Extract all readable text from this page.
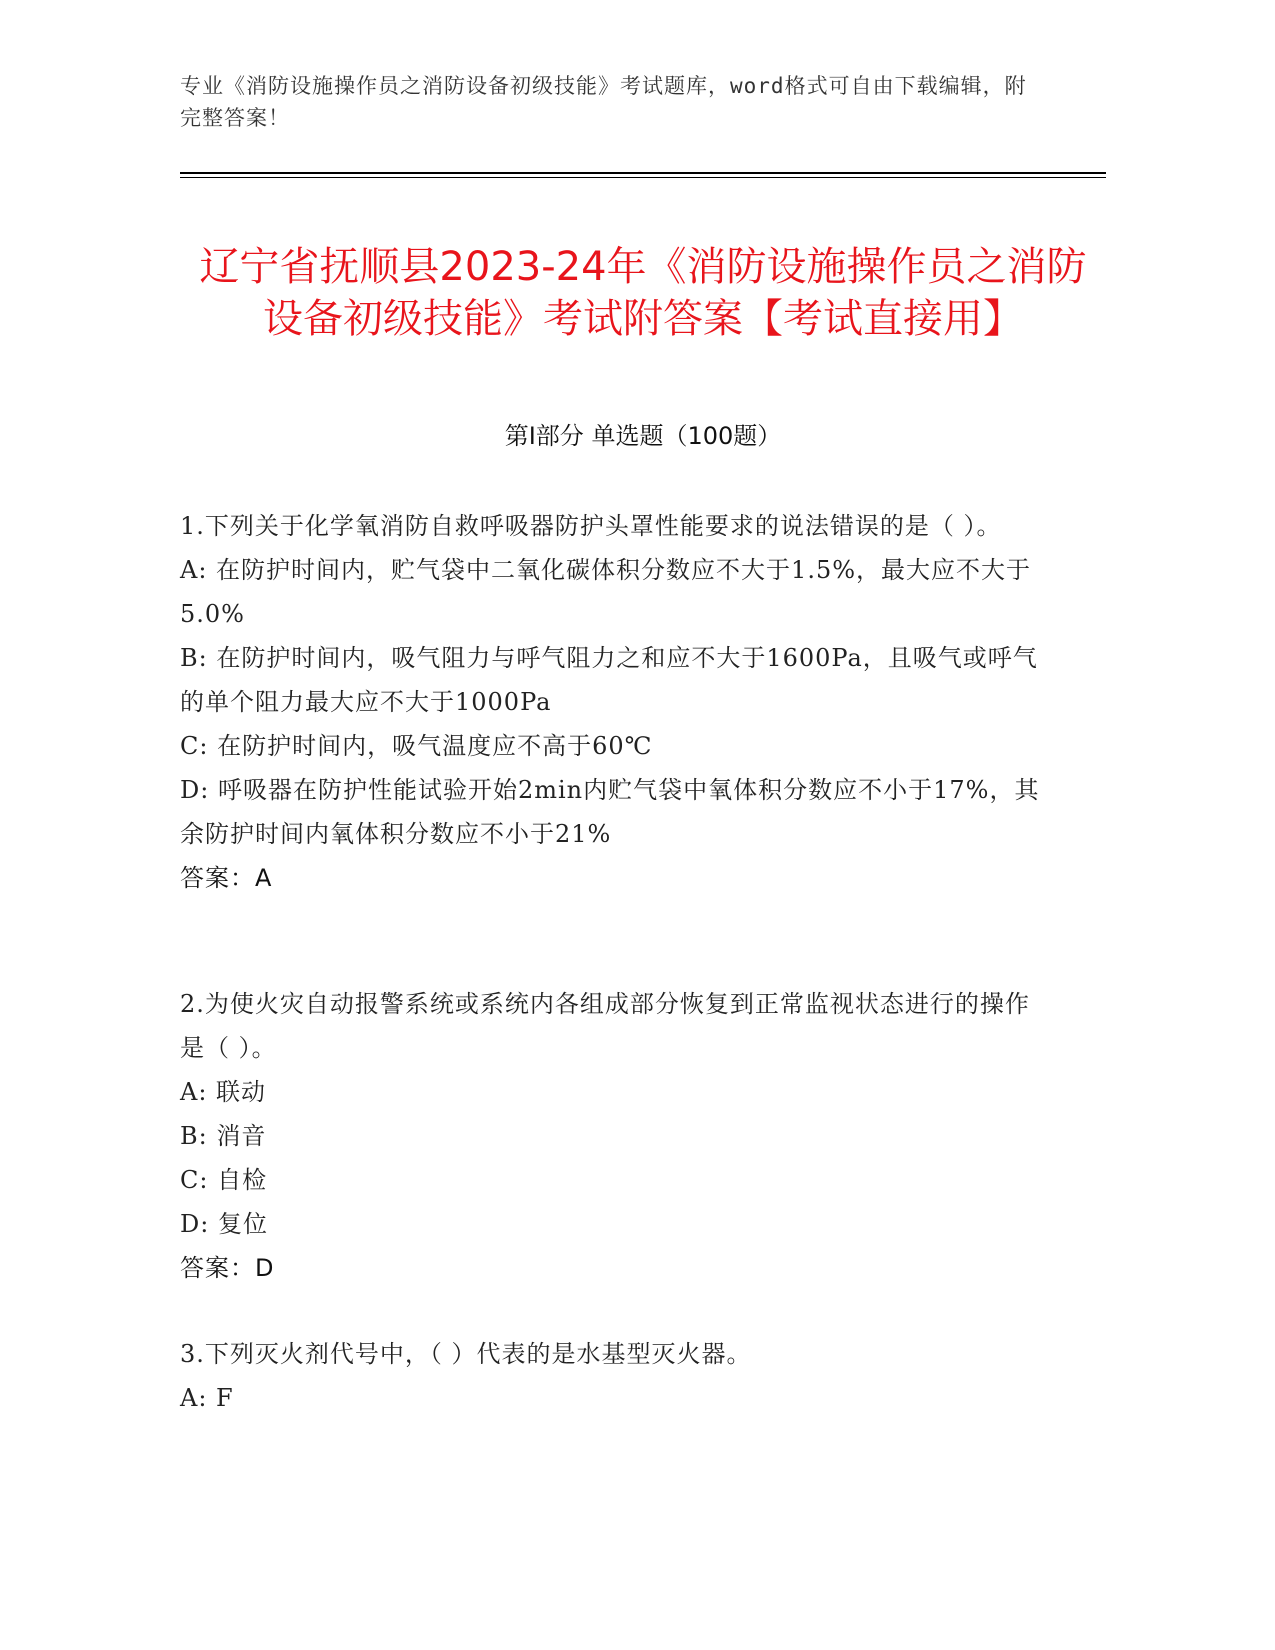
专业《消防设施操作员之消防设备初级技能》考试题库，word格式可自由下载编辑，附完整答案！
辽宁省抚顺县2023-24年《消防设施操作员之消防设备初级技能》考试附答案【考试直接用】
第I部分 单选题（100题）

1.下列关于化学氧消防自救呼吸器防护头罩性能要求的说法错误的是（ ）。

A: 在防护时间内，贮气袋中二氧化碳体积分数应不大于1.5%，最大应不大于5.0%

B: 在防护时间内，吸气阻力与呼气阻力之和应不大于1600Pa，且吸气或呼气的单个阻力最大应不大于1000Pa

C: 在防护时间内，吸气温度应不高于60℃

D: 呼吸器在防护性能试验开始2min内贮气袋中氧体积分数应不小于17%，其余防护时间内氧体积分数应不小于21%

答案：A

2.为使火灾自动报警系统或系统内各组成部分恢复到正常监视状态进行的操作是（ ）。

A: 联动

B: 消音

C: 自检

D: 复位

答案：D

3.下列灭火剂代号中，（ ）代表的是水基型灭火器。

A: F
